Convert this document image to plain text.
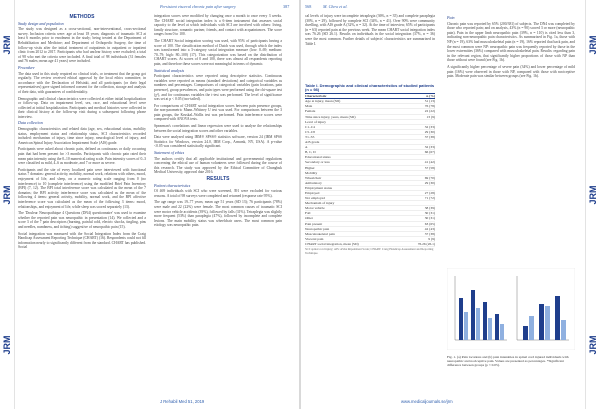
JRM
JRM
JRM
Persistent visceral chronic pain after surgery	387
METHODS
Study design and population
The study was designed as a cross-sectional, non-interventional, cross-sectional survey. Inclusion criteria were: age at least 18 years; diagnosis of traumatic SCI at least 6 months prior to enrolment in the study; being treated at the Department of Rehabilitation and Medicine; and Department of Orthopedic Surgery, the time of follow-up visits after the initial treatment of outpatients in outpatient or inpatient clinic from 2012 to 2017. Participants who had unclear history were excluded; a total of 98 who met the criteria were included. A final total of 98 individuals (31 females and 76 males; mean age 41 years) were included.
Procedure
The data used in this study required no clinical trials, or treatment that the group got regularly. The review received ethical approval by the local ethics committee, in accordance with the Declaration of Helsinki, and all participants (or their legal representatives) gave signed informed consent for the collection, storage and analysis of their data, with guarantees of confidentiality.
Demographic and clinical characteristics were collected at either initial hospitalization or follow-up. Data on impairment level, sex, race, and educational level were collected at initial hospitalization. Participants and medical histories were collected in their clinical history at the follow-up visit during a subsequent following phone interview.
Data collection
Demographic characteristics and related data (age, sex, educational status, mobility status, employment status and relationship status, SCI characteristics recorded included: mechanism of injury, time since injury, neurological level of injury, and American Spinal Injury Association Impairment Scale (AIS) grade.
Participants were asked about chronic pain, defined as continuous or daily occurring pain that had been present for >3 months. Participants with chronic pain rated their mean pain intensity using the 0–10 numerical rating scale. Pain intensity scores of 0–3 were classified as mild, 4–6 as moderate, and 7 or more as severe.
Participants and the site of every localized pain were interviewed with functional status 7 domains: general activity, mobility, normal work, relations with others, mood, enjoyment of life, and sleep, on a numeric rating scale ranging from 0 (no interference) to 10 (complete interference) using the modified Brief Pain Inventory (BPI) (7, 12). The BPI total interference score was calculated as the mean of the 7 domains; the BPI activity interference score was calculated as the mean of the following 4 items: general activity, mobility, normal work, and the BPI affective interference score was calculated as the mean of the following 3 items: mood, relationships, and enjoyment of life, while sleep was scored separately (13).
The 'Douleur Neuropathique 4 Questions (DN4) questionnaire' was used to examine whether the reported pain was neuropathic in presentation (14). We collected and a score 3 of the 7 pain descriptors (burning, painful cold, electric shocks, tingling, pins and needles, numbness, and itching) suggestive of neuropathic pain (15).
Social integration was measured with the Social Integration Index from the Craig Handicap Assessment Reporting Technique (CHART) (16). Respondents could not fill information nearly to significantly different from the standard. CHART has published. Social
integration scores were modified by changing once a month to once every 3 weeks. The CHART social integration index is a 6-item instrument that assesses social capacity to the level at which individuals with SCI are involved with others: living, family structure, romantic partner, friends, and contact with acquaintances. The score ranges from 0 to 100.
The CHART Social integration scoring was used, with 95% of participants having a score of 100. The classification method of Dutch was used, through which the index was transformed into a 3-category social integration measure (low: 0–69; medium: 70–79; high: 80–100) (17). This categorization was based on the distribution of CHART scores. At scores of 0 and 100, there was almost all respondents reporting pain, and therefore these scores were not meaningful in terms of dynamic.
Statistical analysis
Participant characteristics were reported using descriptive statistics. Continuous variables were reported as means (standard deviations) and categorical variables as numbers and percentages. Comparisons of categorical variables (pain locations, pain presence), group prevalences, and pain types were performed using the chi-square test (χ²), and for continuous variables the t-test was performed. The level of significance was set at p < 0.05 (two-tailed).
For comparisons of CHART social integration scores between pain presence groups, the non-parametric Mann–Whitney U test was used. For comparisons between the 3 pain groups, the Kruskal–Wallis test was performed. Pain interference scores were compared with ANOVA tests.
Spearman's correlations and linear regression were used to analyse the relationships between the social integration scores and other variables.
Data were analysed using IBM® SPSS® statistics software, version 24 (IBM SPSS Statistics for Windows, version 24.0, IBM Corp., Armonk, NY, USA). A p-value <0.05 was considered statistically significant.
Statement of ethics
The authors certify that all applicable institutional and governmental regulations concerning the ethical use of human volunteers were followed during the course of this research. The study was approved by the Ethical Committee of Chungbuk Medical University, approval date 2016.
RESULTS
Patient characteristics
Of 469 individuals with SCI who were screened, 391 were excluded for various reasons. A total of 98 surveys were completed and returned (response rate 95%).
The age range was 19–77 years; mean age 51 years (SD 13); 76 participants (78%) were male and 22 (22%) were female. The most common causes of traumatic SCI were motor vehicle accidents (39%), followed by falls (31%). Tetraplegia was slightly more frequent (53%) than paraplegia (47%), followed by incomplete and complete lesions. The main mobility status was wheelchair users. The most common pain etiology was neuropathic pain.
J Rehabil Med 51, 2019
JRM
JRM
JRM
568	M. Chew et al.
cal levels of injury were incomplete tetraplegia (36%, n = 35) and complete paraplegia (30%, n = 29), followed by complete SCI (34%, n = 41). Over 90% were community dwelling, with AIS grade A (32%, n = 32). At the time of interview, 65% of participants (n = 63) reported pain at the previous week. The mean CHART social integration index was 76.26 (SD 26.1). Results on individuals in the social integration (37%, n = 36) were the most common. Further details of subjects' characteristics are summarized in Table I.
Table I. Demographic and clinical characteristics of studied patients (n = 98)
Characteristic	n (%)
Age at injury, mean (SD)	51 (13)
Male	76 (78)
Female	22 (22)
Time since injury, years, mean (SD)	13 (9)
Level of injury
C1–C4	32 (33)
C5–C8	29 (30)
T1–S5	37 (38)
AIS grade
A	32 (33)
B, C, D	66 (67)
Educational status
Secondary or less	41 (42)
Higher	57 (58)
Mobility
Wheelchair	69 (70)
Ambulatory	29 (30)
Employment status
Employed	27 (28)
Not employed	71 (72)
Mechanism of injury
Motor vehicle	38 (39)
Fall	30 (31)
Other	30 (31)
Pain present	63 (65)
Neuropathic pain	42 (43)
Musculoskeletal pain	37 (38)
Visceral pain	9 (9)
CHART social integration, mean (SD)	76.26 (26.1)
SCI: spinal cord injury; AIS: ASIA Impairment Scale; CHART: Craig Handicap Assessment and Reporting Technique.
Pain
Chronic pain was reported by 65% (200/381) of subjects. The DN4 was completed by those who reported pain; and on analysis, 43% (n = 90) scored 3 or more (neuropathic pain). Pain in the upper limb neuropathic pain (39%, n = 110) is cited less than 3, indicating non-neuropathic pain characteristics. As summarized in Fig. 1a, those with NP (n = 19), 63% had musculoskeletal pain (n = 19), 16% reported that back pain, and the most common were NP: neuropathic pain was frequently reported by those in the lower extremities (36%) compared with musculoskeletal pain. Results: regarding pain in the relevant region, that significantly higher proportions of those with NP than those without were found (see Fig. 1b).
A significantly higher percentage of severe pain (34%) and lower percentage of mild pain (16%) were observed in those with NP, compared with those with nociceptive pain. Moderate pain was similar between groups (see Fig. 1b).
Fig. 1. (a) Pain locations and (b) pain intensities in spinal cord injured individuals with neuropathic and nociceptive pain. Values are presented as percentages. *Significant difference between groups (p < 0.05).
www.medicaljournals.se/jrm
